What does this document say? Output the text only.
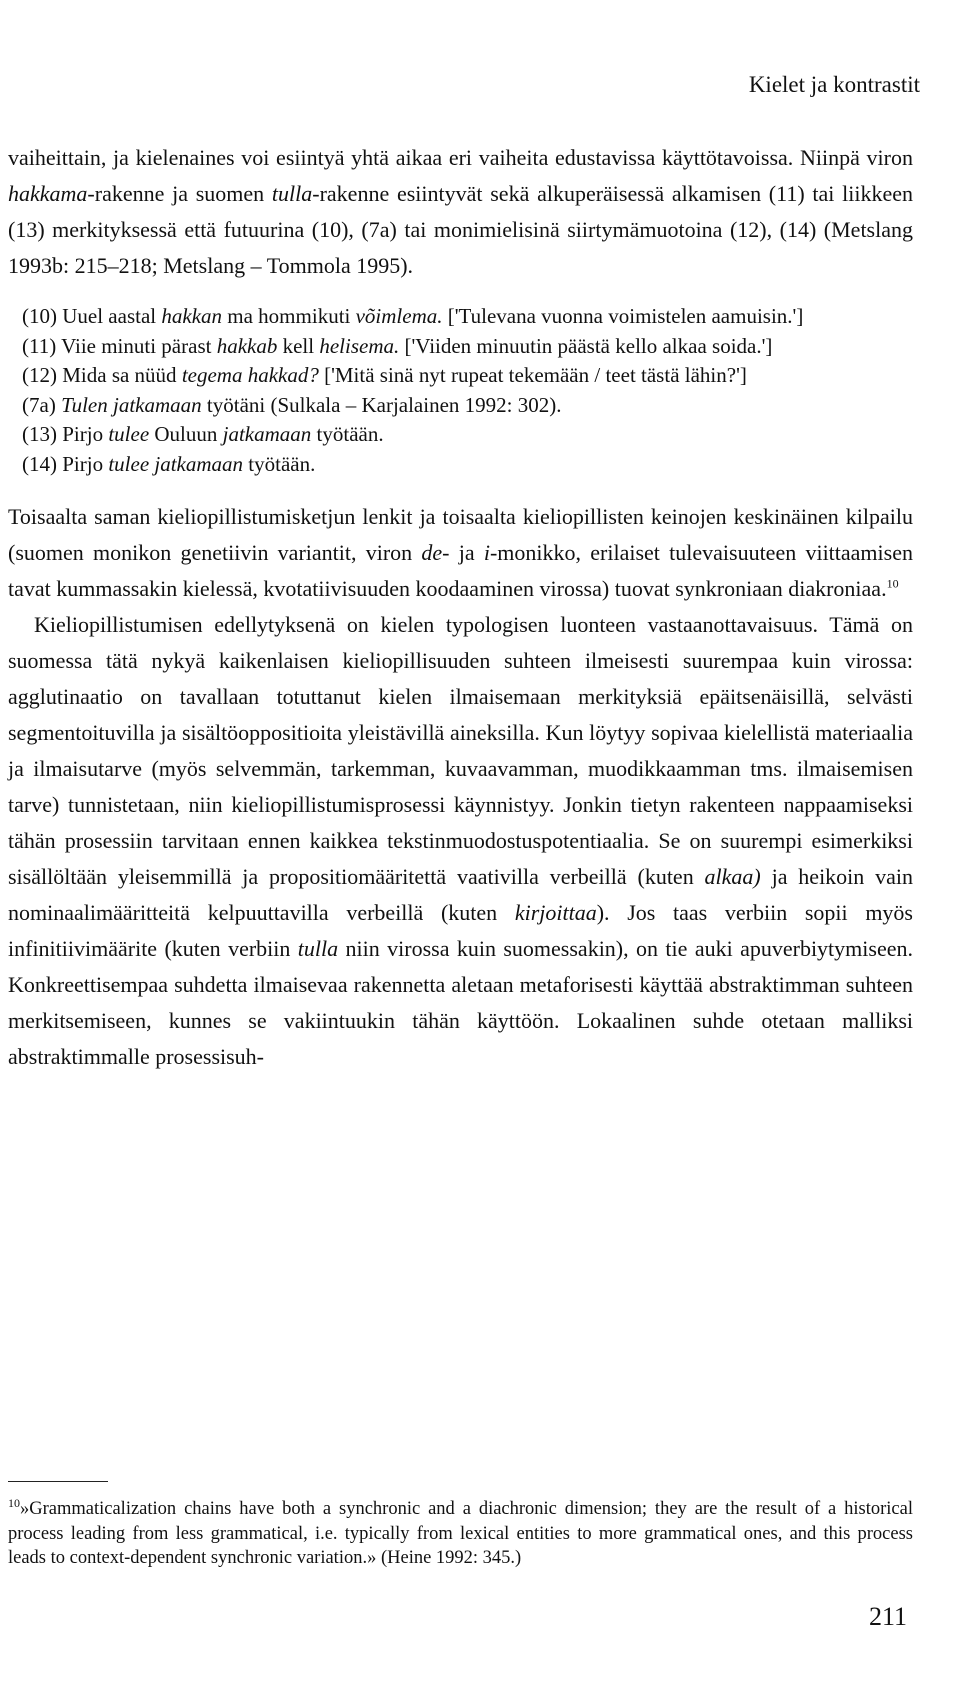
Kielet ja kontrastit

vaiheittain, ja kielenaines voi esiintyä yhtä aikaa eri vaiheita edustavissa käyttötavoissa. Niinpä viron hakkama-rakenne ja suomen tulla-rakenne esiintyvät sekä alkuperäisessä alkamisen (11) tai liikkeen (13) merkityksessä että futuurina (10), (7a) tai monimielisinä siirtymämuotoina (12), (14) (Metslang 1993b: 215–218; Metslang – Tommola 1995).

(10) Uuel aastal hakkan ma hommikuti võimlema. ['Tulevana vuonna voimistelen aamuisin.']
(11) Viie minuti pärast hakkab kell helisema. ['Viiden minuutin päästä kello alkaa soida.']
(12) Mida sa nüüd tegema hakkad? ['Mitä sinä nyt rupeat tekemään / teet tästä lähin?']
(7a) Tulen jatkamaan työtäni (Sulkala – Karjalainen 1992: 302).
(13) Pirjo tulee Ouluun jatkamaan työtään.
(14) Pirjo tulee jatkamaan työtään.

Toisaalta saman kieliopillistumisketjun lenkit ja toisaalta kieliopillisten keinojen keskinäinen kilpailu (suomen monikon genetiivin variantit, viron de- ja i-monikko, erilaiset tulevaisuuteen viittaamisen tavat kummassakin kielessä, kvotatiivisuuden koodaaminen virossa) tuovat synkroniaan diakroniaa.$^{10}$

Kieliopillistumisen edellytyksenä on kielen typologisen luonteen vastaanottavaisuus. Tämä on suomessa tätä nykyä kaikenlaisen kieliopillisuuden suhteen ilmeisesti suurempaa kuin virossa: agglutinaatio on tavallaan totuttanut kielen ilmaisemaan merkityksiä epäitsenäisillä, selvästi segmentoituvilla ja sisältöoppositioita yleistävillä aineksilla. Kun löytyy sopivaa kielellistä materiaalia ja ilmaisutarve (myös selvemmän, tarkemman, kuvaavamman, muodikkaamman tms. ilmaisemisen tarve) tunnistetaan, niin kieliopillistumisprosessi käynnistyy. Jonkin tietyn rakenteen nappaamiseksi tähän prosessiin tarvitaan ennen kaikkea tekstinmuodostuspotentiaalia. Se on suurempi esimerkiksi sisällöltään yleisemmillä ja propositiomääritettä vaativilla verbeillä (kuten alkaa) ja heikoin vain nominaalimääritteitä kelpuuttavilla verbeillä (kuten kirjoittaa). Jos taas verbiin sopii myös infinitiivimäärite (kuten verbiin tulla niin virossa kuin suomessakin), on tie auki apuverbiytymiseen. Konkreettisempaa suhdetta ilmaisevaa rakennetta aletaan metaforisesti käyttää abstraktimman suhteen merkitsemiseen, kunnes se vakiintuukin tähän käyttöön. Lokaalinen suhde otetaan malliksi abstraktimmalle prosessisuh-

$^{10}$»Grammaticalization chains have both a synchronic and a diachronic dimension; they are the result of a historical process leading from less grammatical, i.e. typically from lexical entities to more grammatical ones, and this process leads to context-dependent synchronic variation.» (Heine 1992: 345.)
211
